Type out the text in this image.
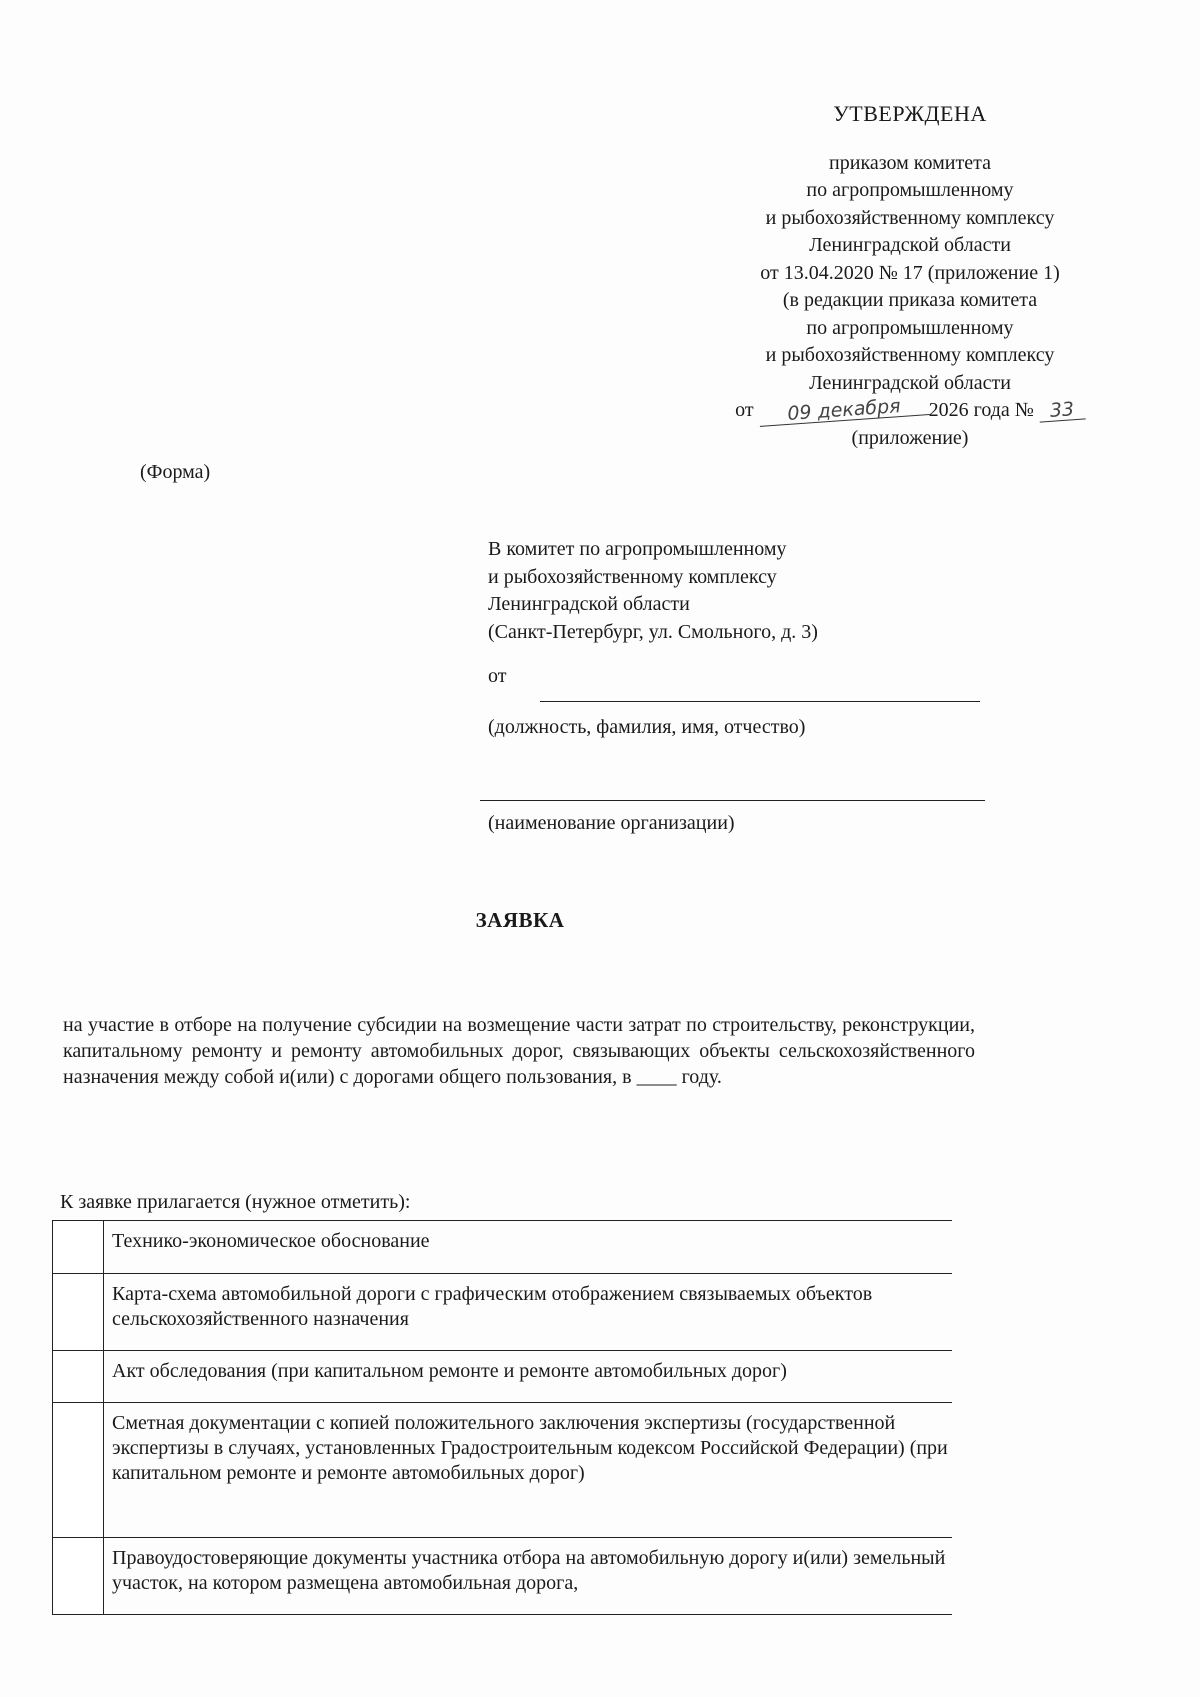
УТВЕРЖДЕНА
приказом комитета
по агропромышленному
и рыбохозяйственному комплексу
Ленинградской области
от 13.04.2020 № 17 (приложение 1)
(в редакции приказа комитета
по агропромышленному
и рыбохозяйственному комплексу
Ленинградской области
от 09 декабря 2026 года № 33
(приложение)
(Форма)
В комитет по агропромышленному
и рыбохозяйственному комплексу
Ленинградской области
(Санкт-Петербург, ул. Смольного, д. 3)
от
(должность, фамилия, имя, отчество)
(наименование организации)
ЗАЯВКА
на участие в отборе на получение субсидии на возмещение части затрат по строительству, реконструкции, капитальному ремонту и ремонту автомобильных дорог, связывающих объекты сельскохозяйственного назначения между собой и(или) с дорогами общего пользования, в ____ году.
К заявке прилагается (нужное отметить):
Технико-экономическое обоснование
Карта-схема автомобильной дороги с графическим отображением связываемых объектов сельскохозяйственного назначения
Акт обследования (при капитальном ремонте и ремонте автомобильных дорог)
Сметная документации с копией положительного заключения экспертизы (государственной экспертизы в случаях, установленных Градостроительным кодексом Российской Федерации) (при капитальном ремонте и ремонте автомобильных дорог)
Правоудостоверяющие документы участника отбора на автомобильную дорогу и(или) земельный участок, на котором размещена автомобильная дорога,
